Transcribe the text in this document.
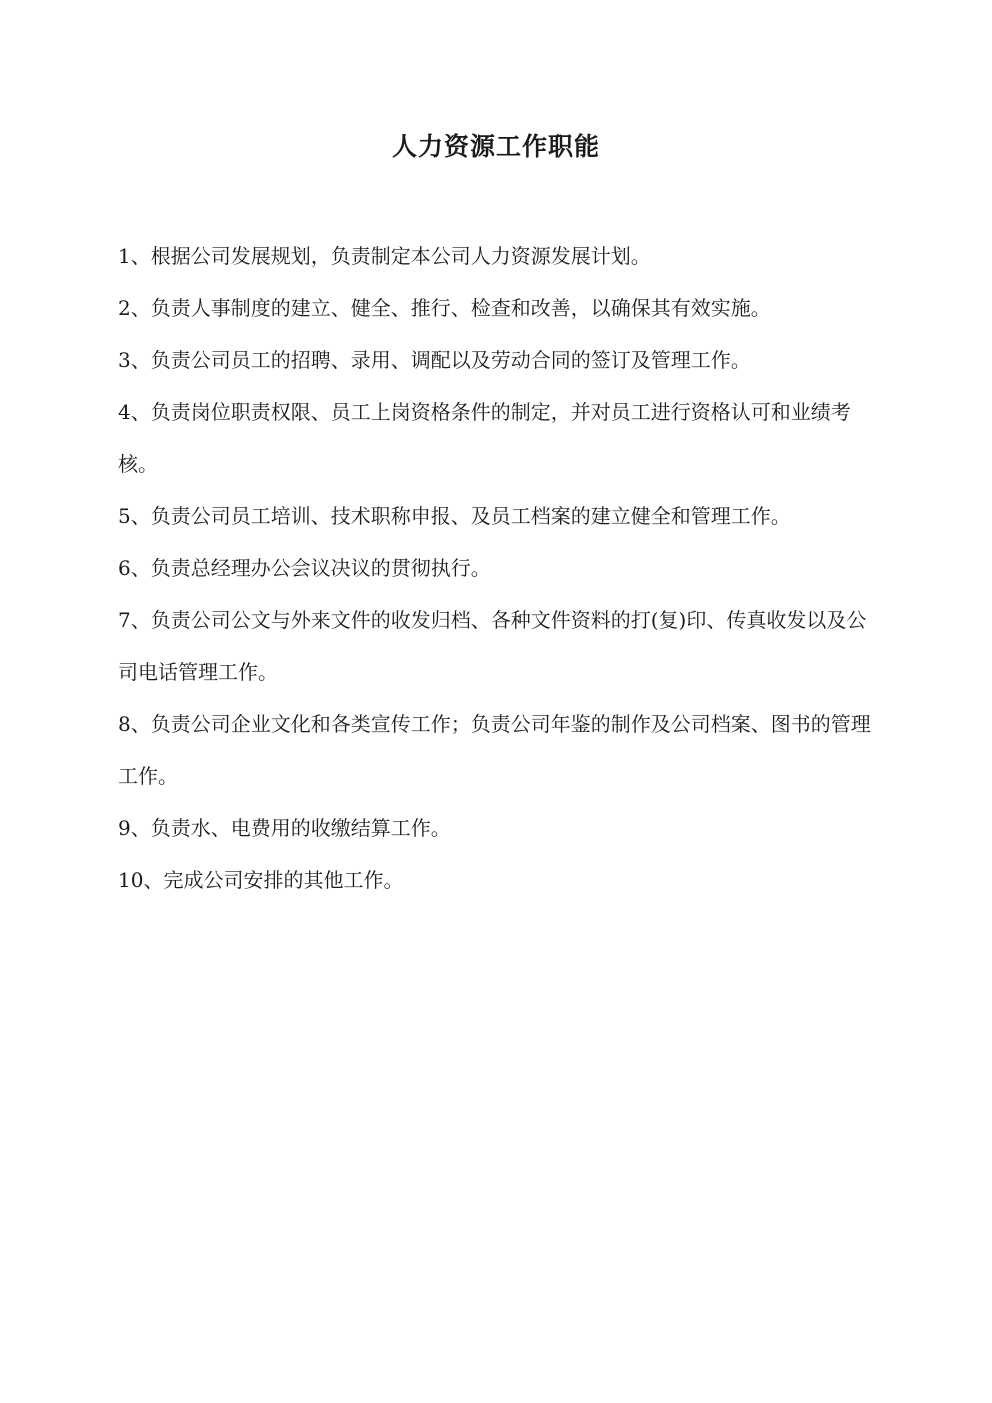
人力资源工作职能

1、根据公司发展规划，负责制定本公司人力资源发展计划。

2、负责人事制度的建立、健全、推行、检查和改善，以确保其有效实施。

3、负责公司员工的招聘、录用、调配以及劳动合同的签订及管理工作。

4、负责岗位职责权限、员工上岗资格条件的制定，并对员工进行资格认可和业绩考核。

5、负责公司员工培训、技术职称申报、及员工档案的建立健全和管理工作。

6、负责总经理办公会议决议的贯彻执行。

7、负责公司公文与外来文件的收发归档、各种文件资料的打(复)印、传真收发以及公司电话管理工作。

8、负责公司企业文化和各类宣传工作；负责公司年鉴的制作及公司档案、图书的管理工作。

9、负责水、电费用的收缴结算工作。

10、完成公司安排的其他工作。
